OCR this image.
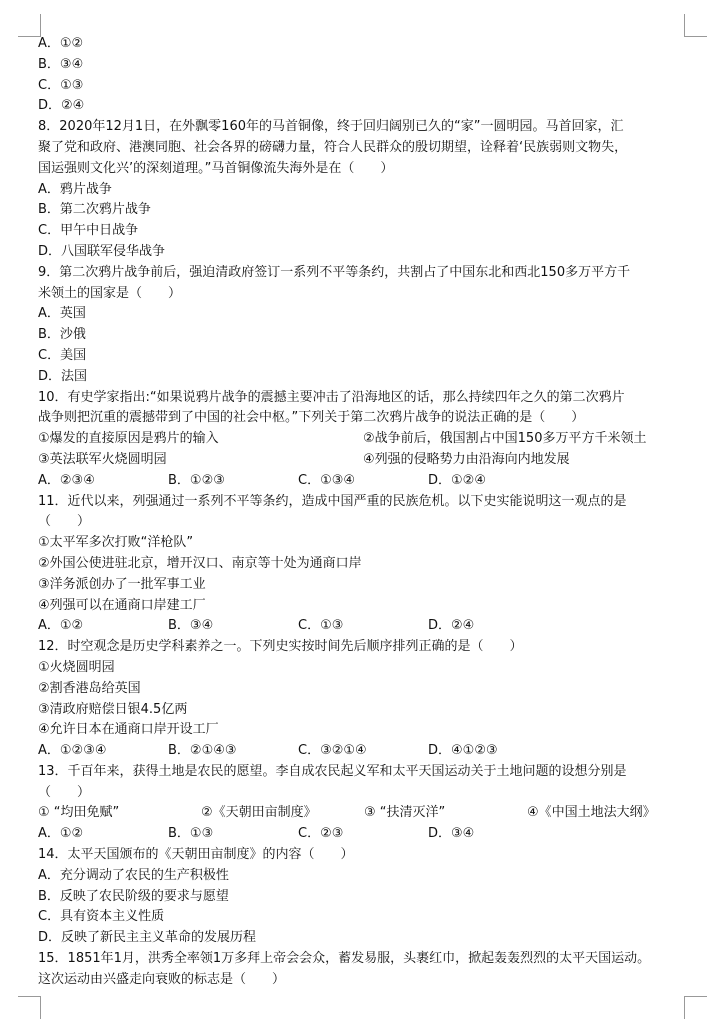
A．①②
B．③④
C．①③
D．②④
8．2020年12月1日，在外飘零160年的马首铜像，终于回归阔别已久的“家”一圆明园。马首回家，汇
聚了党和政府、港澳同胞、社会各界的磅礴力量，符合人民群众的殷切期望，诠释着‘民族弱则文物失，
国运强则文化兴’的深刻道理。”马首铜像流失海外是在（　　）
A．鸦片战争
B．第二次鸦片战争
C．甲午中日战争
D．八国联军侵华战争
9．第二次鸦片战争前后，强迫清政府签订一系列不平等条约，共割占了中国东北和西北150多万平方千
米领土的国家是（　　）
A．英国
B．沙俄
C．美国
D．法国
10．有史学家指出:“如果说鸦片战争的震撼主要冲击了沿海地区的话，那么持续四年之久的第二次鸦片
战争则把沉重的震撼带到了中国的社会中枢。”下列关于第二次鸦片战争的说法正确的是（　　）
①爆发的直接原因是鸦片的输入	②战争前后，俄国割占中国150多万平方千米领土
③英法联军火烧圆明园	④列强的侵略势力由沿海向内地发展
A．②③④	B．①②③	C．①③④	D．①②④
11．近代以来，列强通过一系列不平等条约，造成中国严重的民族危机。以下史实能说明这一观点的是
（　　）
①太平军多次打败“洋枪队”
②外国公使进驻北京，增开汉口、南京等十处为通商口岸
③洋务派创办了一批军事工业
④列强可以在通商口岸建工厂
A．①②	B．③④	C．①③	D．②④
12．时空观念是历史学科素养之一。下列史实按时间先后顺序排列正确的是（　　）
①火烧圆明园
②割香港岛给英国
③清政府赔偿日银4.5亿两
④允许日本在通商口岸开设工厂
A．①②③④	B．②①④③	C．③②①④	D．④①②③
13．千百年来，获得土地是农民的愿望。李自成农民起义军和太平天国运动关于土地问题的设想分别是
（　　）
① “均田免赋”	②《天朝田亩制度》	③ “扶清灭洋”	④《中国土地法大纲》
A．①②	B．①③	C．②③	D．③④
14．太平天国颁布的《天朝田亩制度》的内容（　　）
A．充分调动了农民的生产积极性
B．反映了农民阶级的要求与愿望
C．具有资本主义性质
D．反映了新民主主义革命的发展历程
15．1851年1月，洪秀全率领1万多拜上帝会会众，蓄发易服，头裹红巾，掀起轰轰烈烈的太平天国运动。
这次运动由兴盛走向衰败的标志是（　　）
